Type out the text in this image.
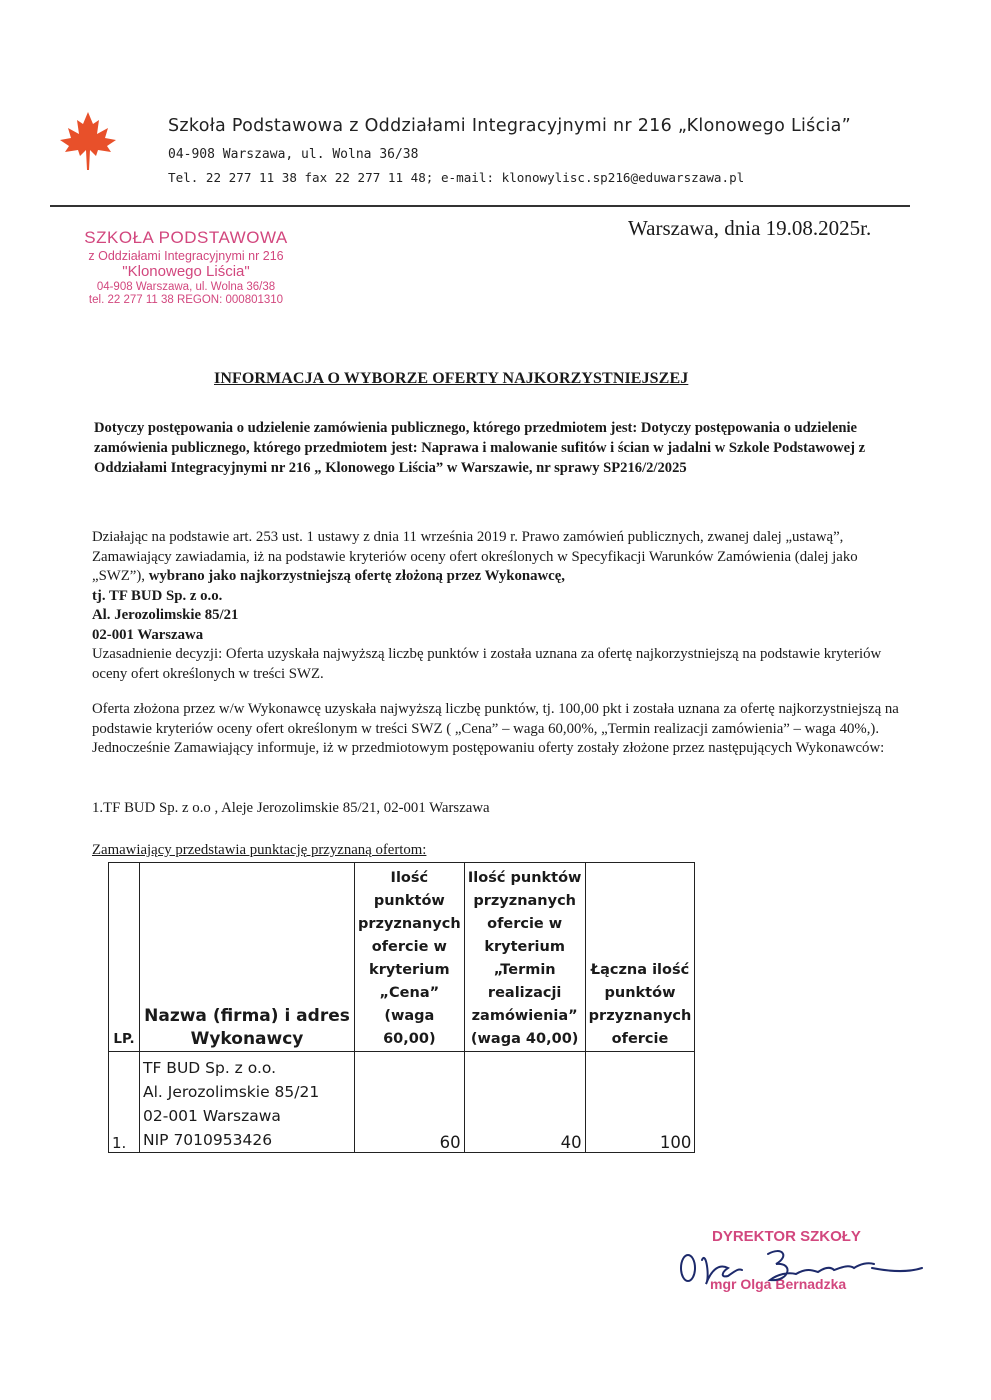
Szkoła Podstawowa z Oddziałami Integracyjnymi nr 216 „Klonowego Liścia”
04-908 Warszawa, ul. Wolna 36/38
Tel. 22 277 11 38 fax 22 277 11 48; e-mail: klonowylisc.sp216@eduwarszawa.pl
SZKOŁA PODSTAWOWA
z Oddziałami Integracyjnymi nr 216
"Klonowego Liścia"
04-908 Warszawa, ul. Wolna 36/38
tel. 22 277 11 38 REGON: 000801310
Warszawa, dnia 19.08.2025r.
INFORMACJA O WYBORZE OFERTY NAJKORZYSTNIEJSZEJ
Dotyczy postępowania o udzielenie zamówienia publicznego, którego przedmiotem jest: Dotyczy postępowania o udzielenie zamówienia publicznego, którego przedmiotem jest: Naprawa i malowanie sufitów i ścian w jadalni w Szkole Podstawowej z Oddziałami Integracyjnymi nr 216 „ Klonowego Liścia” w Warszawie, nr sprawy SP216/2/2025
Działając na podstawie art. 253 ust. 1 ustawy z dnia 11 września 2019 r. Prawo zamówień publicznych, zwanej dalej „ustawą”, Zamawiający zawiadamia, iż na podstawie kryteriów oceny ofert określonych w Specyfikacji Warunków Zamówienia (dalej jako „SWZ”), wybrano jako najkorzystniejszą ofertę złożoną przez Wykonawcę,
tj. TF BUD Sp. z o.o.
Al. Jerozolimskie 85/21
02-001 Warszawa
Uzasadnienie decyzji: Oferta uzyskała najwyższą liczbę punktów i została uznana za ofertę najkorzystniejszą na podstawie kryteriów oceny ofert określonych w treści SWZ.
Oferta złożona przez w/w Wykonawcę uzyskała najwyższą liczbę punktów, tj. 100,00 pkt i została uznana za ofertę najkorzystniejszą na podstawie kryteriów oceny ofert określonym w treści SWZ ( „Cena” – waga 60,00%, „Termin realizacji zamówienia” – waga 40%,). Jednocześnie Zamawiający informuje, iż w przedmiotowym postępowaniu oferty zostały złożone przez następujących Wykonawców:
1.TF BUD Sp. z o.o , Aleje Jerozolimskie 85/21, 02-001 Warszawa
Zamawiający przedstawia punktację przyznaną ofertom:
LP.	Nazwa (firma) i adres Wykonawcy	Ilość punktów przyznanych ofercie w kryterium „Cena” (waga 60,00)	Ilość punktów przyznanych ofercie w kryterium „Termin realizacji zamówienia” (waga 40,00)	Łączna ilość punktów przyznanych ofercie
1.	TF BUD Sp. z o.o.
Al. Jerozolimskie 85/21
02-001 Warszawa
NIP 7010953426	60	40	100
DYREKTOR SZKOŁY
mgr Olga Bernadzka
